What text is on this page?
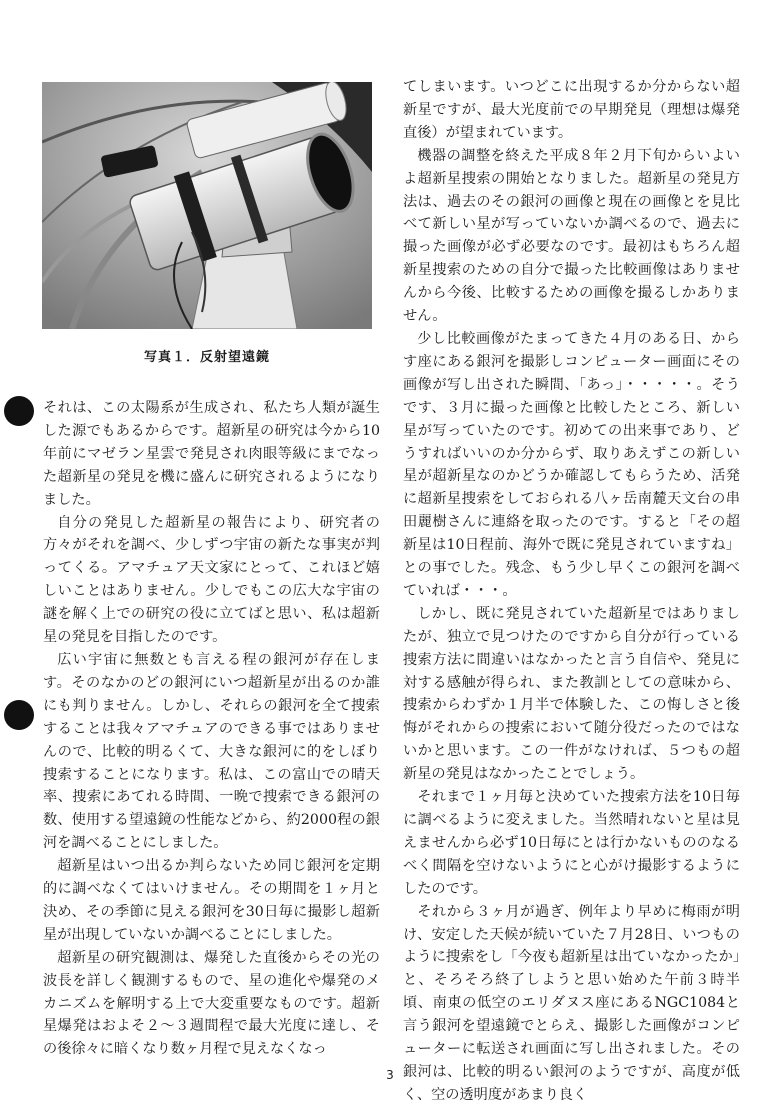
写真１．反射望遠鏡

それは、この太陽系が生成され、私たち人類が誕生した源でもあるからです。超新星の研究は今から10年前にマゼラン星雲で発見され肉眼等級にまでなった超新星の発見を機に盛んに研究されるようになりました。

自分の発見した超新星の報告により、研究者の方々がそれを調べ、少しずつ宇宙の新たな事実が判ってくる。アマチュア天文家にとって、これほど嬉しいことはありません。少しでもこの広大な宇宙の謎を解く上での研究の役に立てばと思い、私は超新星の発見を目指したのです。

広い宇宙に無数とも言える程の銀河が存在します。そのなかのどの銀河にいつ超新星が出るのか誰にも判りません。しかし、それらの銀河を全て捜索することは我々アマチュアのできる事ではありませんので、比較的明るくて、大きな銀河に的をしぼり捜索することになります。私は、この富山での晴天率、捜索にあてれる時間、一晩で捜索できる銀河の数、使用する望遠鏡の性能などから、約2000程の銀河を調べることにしました。

超新星はいつ出るか判らないため同じ銀河を定期的に調べなくてはいけません。その期間を１ヶ月と決め、その季節に見える銀河を30日毎に撮影し超新星が出現していないか調べることにしました。

超新星の研究観測は、爆発した直後からその光の波長を詳しく観測するもので、星の進化や爆発のメカニズムを解明する上で大変重要なものです。超新星爆発はおよそ２～３週間程で最大光度に達し、その後徐々に暗くなり数ヶ月程で見えなくなっ

てしまいます。いつどこに出現するか分からない超新星ですが、最大光度前での早期発見（理想は爆発直後）が望まれています。

機器の調整を終えた平成８年２月下旬からいよいよ超新星捜索の開始となりました。超新星の発見方法は、過去のその銀河の画像と現在の画像とを見比べて新しい星が写っていないか調べるので、過去に撮った画像が必ず必要なのです。最初はもちろん超新星捜索のための自分で撮った比較画像はありませんから今後、比較するための画像を撮るしかありません。

少し比較画像がたまってきた４月のある日、からす座にある銀河を撮影しコンピューター画面にその画像が写し出された瞬間、「あっ」・・・・・。そうです、３月に撮った画像と比較したところ、新しい星が写っていたのです。初めての出来事であり、どうすればいいのか分からず、取りあえずこの新しい星が超新星なのかどうか確認してもらうため、活発に超新星捜索をしておられる八ヶ岳南麓天文台の串田麗樹さんに連絡を取ったのです。すると「その超新星は10日程前、海外で既に発見されていますね」との事でした。残念、もう少し早くこの銀河を調べていれば・・・。

しかし、既に発見されていた超新星ではありましたが、独立で見つけたのですから自分が行っている捜索方法に間違いはなかったと言う自信や、発見に対する感触が得られ、また教訓としての意味から、捜索からわずか１月半で体験した、この悔しさと後悔がそれからの捜索において随分役だったのではないかと思います。この一件がなければ、５つもの超新星の発見はなかったことでしょう。

それまで１ヶ月毎と決めていた捜索方法を10日毎に調べるように変えました。当然晴れないと星は見えませんから必ず10日毎にとは行かないもののなるべく間隔を空けないようにと心がけ撮影するようにしたのです。

それから３ヶ月が過ぎ、例年より早めに梅雨が明け、安定した天候が続いていた７月28日、いつものように捜索をし「今夜も超新星は出ていなかったか」と、そろそろ終了しようと思い始めた午前３時半頃、南東の低空のエリダヌス座にあるNGC1084と言う銀河を望遠鏡でとらえ、撮影した画像がコンピューターに転送され画面に写し出されました。その銀河は、比較的明るい銀河のようですが、高度が低く、空の透明度があまり良く

3
